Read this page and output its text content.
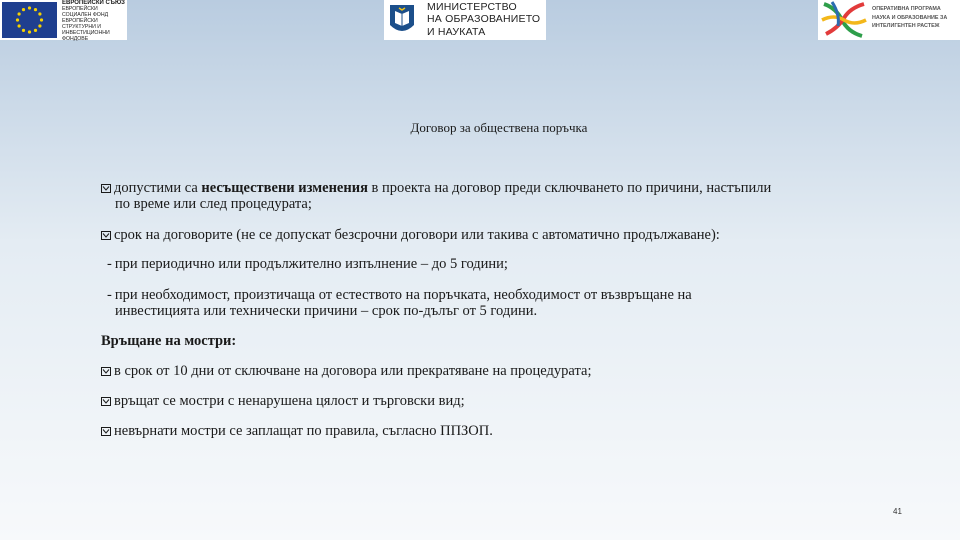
ЕВРОПЕЙСКИ СЪЮЗ
ЕВРОПЕЙСКИ
СОЦИАЛЕН ФОНД
ЕВРОПЕЙСКИ
СТРУКТУРНИ И
ИНВЕСТИЦИОННИ ФОНДОВЕ
МИНИСТЕРСТВО
НА ОБРАЗОВАНИЕТО
И НАУКАТА
ОПЕРАТИВНА ПРОГРАМА
НАУКА И ОБРАЗОВАНИЕ ЗА
ИНТЕЛИГЕНТЕН РАСТЕЖ
Договор за обществена поръчка
допустими са несъществени изменения в проекта на договор преди сключването по причини, настъпили
по време или след процедурата;
срок на договорите (не се допускат безсрочни договори или такива с автоматично продължаване):
- при периодично или продължително изпълнение – до 5 години;
- при необходимост, произтичаща от естеството на поръчката, необходимост от възвръщане на
инвестицията или технически причини – срок по-дълъг от 5 години.
Връщане на мостри:
в срок от 10 дни от сключване на договора или прекратяване на процедурата;
връщат се мостри с ненарушена цялост и търговски вид;
невърнати мостри се заплащат по правила, съгласно ППЗОП.
41
